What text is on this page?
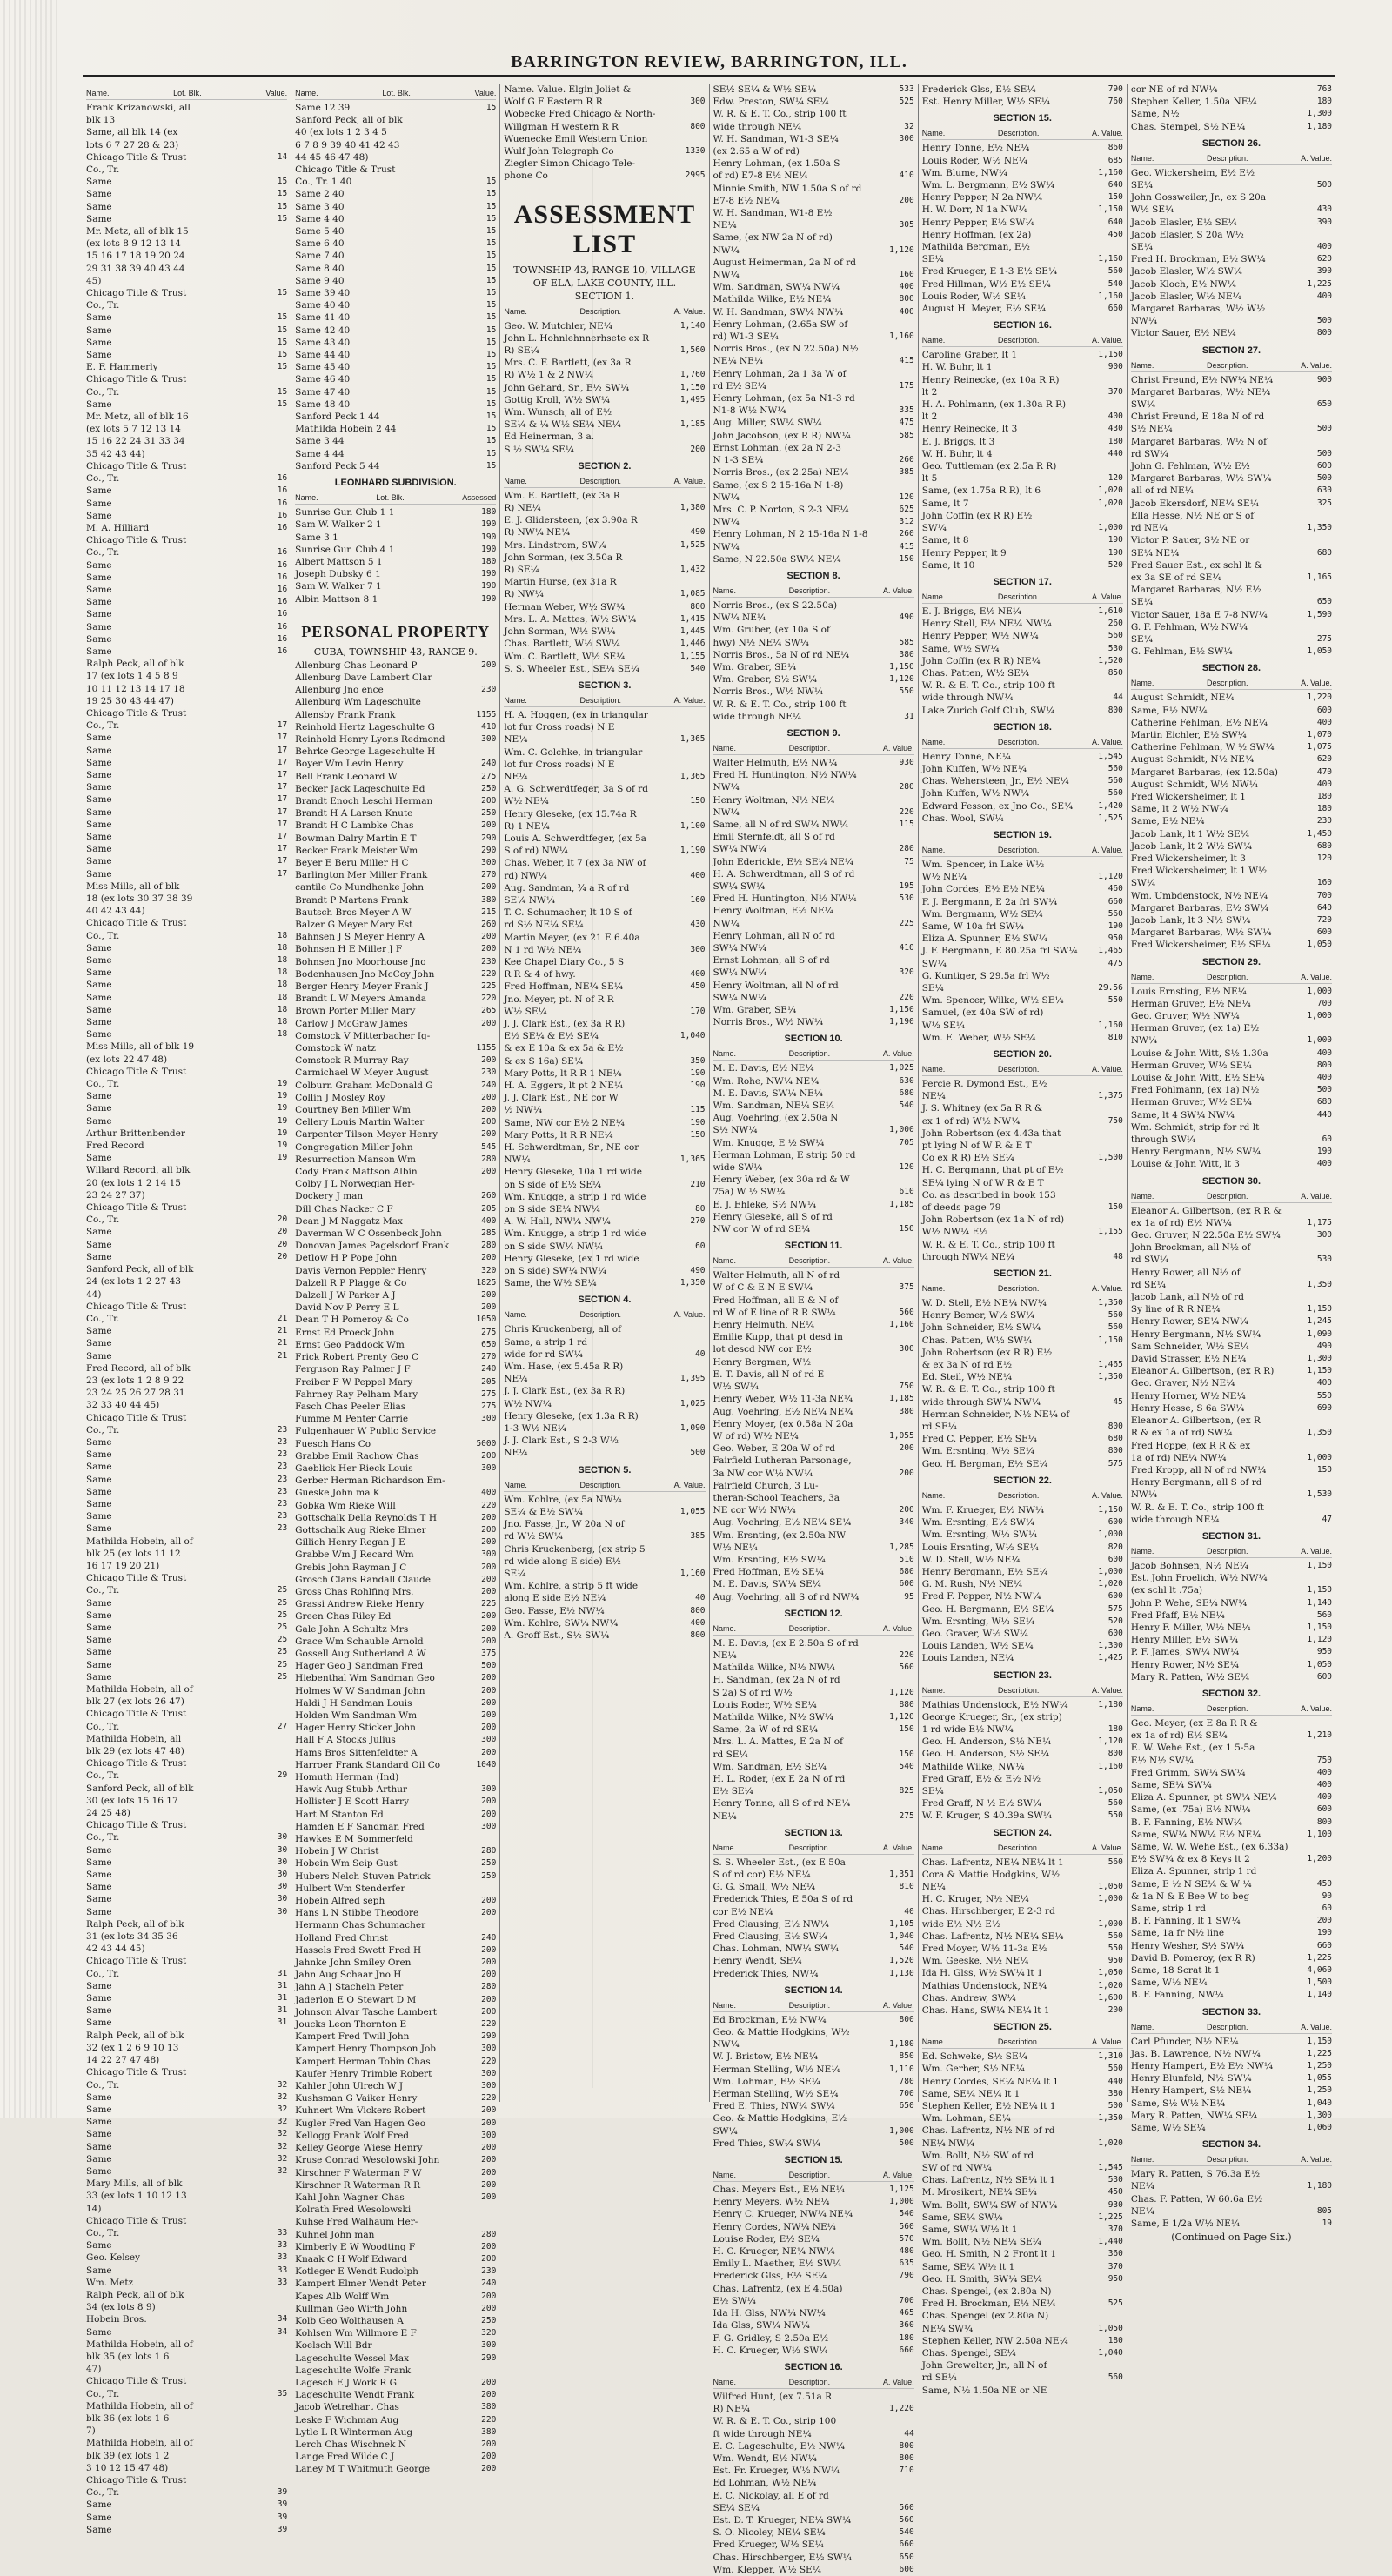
BARRINGTON REVIEW, BARRINGTON, ILL.
Name.	Lot. Blk.	Value.
Frank Krizanowski, all
blk 13
Same, all blk 14 (ex
lots 6 7 27 28 & 23)
Chicago Title & Trust	14
Co., Tr.
Same	15
Same	15
Same	15
Same	15
Mr. Metz, all of blk 15
(ex lots 8 9 12 13 14
15 16 17 18 19 20 24
29 31 38 39 40 43 44
45)
Chicago Title & Trust	15
Co., Tr.
Same	15
Same	15
Same	15
Same	15
E. F. Hammerly	15
Chicago Title & Trust
Co., Tr.	15
Same	15
Mr. Metz, all of blk 16
(ex lots 5 7 12 13 14
15 16 22 24 31 33 34
35 42 43 44)
Chicago Title & Trust
Co., Tr.	16
Same	16
Same	16
Same	16
M. A. Hilliard	16
Chicago Title & Trust
Co., Tr.	16
Same	16
Same	16
Same	16
Same	16
Same	16
Same	16
Same	16
Same	16
Ralph Peck, all of blk
17 (ex lots 1 4 5 8 9
10 11 12 13 14 17 18
19 25 30 43 44 47)
Chicago Title & Trust
Co., Tr.	17
Same	17
Same	17
Same	17
Same	17
Same	17
Same	17
Same	17
Same	17
Same	17
Same	17
Same	17
Same	17
Miss Mills, all of blk
18 (ex lots 30 37 38 39
40 42 43 44)
Chicago Title & Trust
Co., Tr.	18
Same	18
Same	18
Same	18
Same	18
Same	18
Same	18
Same	18
Same	18
Miss Mills, all of blk 19
(ex lots 22 47 48)
Chicago Title & Trust
Co., Tr.	19
Same	19
Same	19
Same	19
Arthur Brittenbender	19
Fred Record	19
Same	19
Willard Record, all blk
20 (ex lots 1 2 14 15
23 24 27 37)
Chicago Title & Trust
Co., Tr.	20
Same	20
Same	20
Same	20
Sanford Peck, all of blk
24 (ex lots 1 2 27 43
44)
Chicago Title & Trust
Co., Tr.	21
Same	21
Same	21
Same	21
Fred Record, all of blk
23 (ex lots 1 2 8 9 22
23 24 25 26 27 28 31
32 33 40 44 45)
Chicago Title & Trust
Co., Tr.	23
Same	23
Same	23
Same	23
Same	23
Same	23
Same	23
Same	23
Same	23
Mathilda Hobein, all of
blk 25 (ex lots 11 12
16 17 19 20 21)
Chicago Title & Trust
Co., Tr.	25
Same	25
Same	25
Same	25
Same	25
Same	25
Same	25
Same	25
Mathilda Hobein, all of
blk 27 (ex lots 26 47)
Chicago Title & Trust
Co., Tr.	27
Mathilda Hobein, all
blk 29 (ex lots 47 48)
Chicago Title & Trust
Co., Tr.	29
Sanford Peck, all of blk
30 (ex lots 15 16 17
24 25 48)
Chicago Title & Trust
Co., Tr.	30
Same	30
Same	30
Same	30
Same	30
Same	30
Same	30
Ralph Peck, all of blk
31 (ex lots 34 35 36
42 43 44 45)
Chicago Title & Trust
Co., Tr.	31
Same	31
Same	31
Same	31
Same	31
Ralph Peck, all of blk
32 (ex 1 2 6 9 10 13
14 22 27 47 48)
Chicago Title & Trust
Co., Tr.	32
Same	32
Same	32
Same	32
Same	32
Same	32
Same	32
Same	32
Mary Mills, all of blk
33 (ex lots 1 10 12 13
14)
Chicago Title & Trust
Co., Tr.	33
Same	33
Geo. Kelsey	33
Same	33
Wm. Metz	33
Ralph Peck, all of blk
34 (ex lots 8 9)
Hobein Bros.	34
Same	34
Mathilda Hobein, all of
blk 35 (ex lots 1 6
47)
Chicago Title & Trust
Co., Tr.	35
Mathilda Hobein, all of
blk 36 (ex lots 1 6
7)
Mathilda Hobein, all of
blk 39 (ex lots 1 2
3 10 12 15 47 48)
Chicago Title & Trust
Co., Tr.	39
Same	39
Same	39
Same	39
Name.	Lot. Blk.	Value.
Same 12 39	15
Sanford Peck, all of blk
40 (ex lots 1 2 3 4 5
6 7 8 9 39 40 41 42 43
44 45 46 47 48)
Chicago Title & Trust
Co., Tr. 1 40	15
Same 2 40	15
Same 3 40	15
Same 4 40	15
Same 5 40	15
Same 6 40	15
Same 7 40	15
Same 8 40	15
Same 9 40	15
Same 39 40	15
Same 40 40	15
Same 41 40	15
Same 42 40	15
Same 43 40	15
Same 44 40	15
Same 45 40	15
Same 46 40	15
Same 47 40	15
Same 48 40	15
Sanford Peck 1 44	15
Mathilda Hobein 2 44	15
Same 3 44	15
Same 4 44	15
Sanford Peck 5 44	15
LEONHARD SUBDIVISION.
Name.	Lot. Blk.	Assessed
Sunrise Gun Club 1 1	180
Sam W. Walker 2 1	190
Same 3 1	190
Sunrise Gun Club 4 1	190
Albert Mattson 5 1	180
Joseph Dubsky 6 1	190
Sam W. Walker 7 1	190
Albin Mattson 8 1	190
PERSONAL PROPERTY
CUBA, TOWNSHIP 43, RANGE 9.
Allenburg Chas Leonard P	200
Allenburg Dave Lambert Clar
Allenburg Jno ence	230
Allenburg Wm Lageschulte
Allensby Frank Frank	1155
Reinhold Hertz Lageschulte G	410
Reinhold Henry Lyons Redmond	300
Behrke George Lageschulte H
Boyer Wm Levin Henry	240
Bell Frank Leonard W	275
Becker Jack Lageschulte Ed	250
Brandt Enoch Leschi Herman	200
Brandt H A Larsen Knute	250
Brandt H C Lambke Chas	200
Bowman Dalry Martin E T	290
Becker Frank Meister Wm	290
Beyer E Beru Miller H C	300
Barlington Mer Miller Frank	270
cantile Co Mundhenke John	200
Brandt P Martens Frank	380
Bautsch Bros Meyer A W	215
Balzer G Meyer Mary Est	260
Bahnsen J S Meyer Henry A	200
Bohnsen H E Miller J F	200
Bohnsen Jno Moorhouse Jno	230
Bodenhausen Jno McCoy John	220
Berger Henry Meyer Frank J	225
Brandt L W Meyers Amanda	220
Brown Porter Miller Mary	265
Carlow J McGraw James	200
Comstock V Mitterbacher Ig-
Comstock W natz	1155
Comstock R Murray Ray	200
Carmichael W Meyer August	230
Colburn Graham McDonald G	240
Collin J Mosley Roy	200
Courtney Ben Miller Wm	200
Cellery Louis Martin Walter	200
Carpenter Tilson Meyer Henry	200
Congregation Miller John	545
Resurrection Manson Wm	280
Cody Frank Mattson Albin	200
Colby J L Norwegian Her-
Dockery J man	260
Dill Chas Nacker C F	205
Dean J M Naggatz Max	400
Daverman W C Ossenbeck John	285
Donovan James Pagelsdorf Frank	280
Detlow H P Pope John	200
Davis Vernon Peppler Henry	320
Dalzell R P Plagge & Co	1825
Dalzell J W Parker A J	200
David Nov P Perry E L	200
Dean T H Pomeroy & Co	1050
Ernst Ed Proeck John	275
Ernst Geo Paddock Wm	650
Frick Robert Prenty Geo C	270
Ferguson Ray Palmer J F	240
Freiber F W Peppel Mary	205
Fahrney Ray Pelham Mary	275
Fasch Chas Peeler Elias	275
Fumme M Penter Carrie	300
Fulgenhauer W Public Service
Fuesch Hans Co	5000
Grabbe Emil Rachow Chas	200
Gaeblick Her Rieck Louis	300
Gerber Herman Richardson Em-
Gueske John ma K	400
Gobka Wm Rieke Will	220
Gottschalk Della Reynolds T H	200
Gottschalk Aug Rieke Elmer	200
Gillich Henry Regan J E	200
Grabbe Wm J Recard Wm	300
Grebis John Rayman J C	200
Grosch Clans Randall Claude	200
Gross Chas Rohlfing Mrs.	200
Grassi Andrew Rieke Henry	225
Green Chas Riley Ed	200
Gale John A Schultz Mrs	200
Grace Wm Schauble Arnold	200
Gossell Aug Sutherland A W	375
Hager Geo J Sandman Fred	500
Hiebenthal Wm Sandman Geo	200
Holmes W W Sandman John	200
Haldi J H Sandman Louis	200
Holden Wm Sandman Wm	200
Hager Henry Sticker John	200
Hall F A Stocks Julius	300
Hams Bros Sittenfeldter A	200
Harroer Frank Standard Oil Co	1040
Homuth Herman (Ind)
Hawk Aug Stubb Arthur	300
Hollister J E Scott Harry	200
Hart M Stanton Ed	200
Hamden E F Sandman Fred	300
Hawkes E M Sommerfeld
Hobein J W Christ	280
Hobein Wm Seip Gust	250
Hubers Nelch Stuven Patrick	250
Hulbert Wm Stenderfer
Hobein Alfred seph	200
Hans L N Stibbe Theodore	200
Hermann Chas Schumacher
Holland Fred Christ	240
Hassels Fred Swett Fred H	200
Jahnke John Smiley Oren	200
Jahn Aug Schaar Jno H	200
Jahn A J Stacheln Peter	280
Jaderlon E O Stewart D M	200
Johnson Alvar Tasche Lambert	200
Joucks Leon Thornton E	220
Kampert Fred Twill John	290
Kampert Henry Thompson Job	300
Kampert Herman Tobin Chas	220
Kaufer Henry Trimble Robert	300
Kahler John Ulrech W J	300
Kushsman G Vaiker Henry	220
Kuhnert Wm Vickers Robert	200
Kugler Fred Van Hagen Geo	200
Kellogg Frank Wolf Fred	300
Kelley George Wiese Henry	200
Kruse Conrad Wesolowski John	200
Kirschner F Waterman F W	200
Kirschner R Waterman R R	200
Kahl John Wagner Chas	200
Kolrath Fred Wesolowski
Kuhse Fred Walhaum Her-
Kuhnel John man	280
Kimberly E W Woodting F	200
Knaak C H Wolf Edward	200
Kotleger E Wendt Rudolph	230
Kampert Elmer Wendt Peter	240
Kapes Alb Wolff Wm	200
Kullman Geo Wirth John	200
Kolb Geo Wolthausen A	250
Kohlsen Wm Willmore E F	320
Koelsch Will Bdr	300
Lageschulte Wessel Max	290
Lageschulte Wolfe Frank
Lagesch E J Work R G	200
Lageschulte Wendt Frank	200
Jacob Wetrelhart Chas	380
Leske F Wichman Aug	220
Lytle L R Winterman Aug	380
Lerch Chas Wischnek N	200
Lange Fred Wilde C J	200
Laney M T Whitmuth George	200
Name. Value. Elgin Joliet &
Wolf G F Eastern R R	300
Wobecke Fred Chicago & North-
Willgman H western R R	800
Wuenecke Emil Western Union
Wulf John Telegraph Co	1330
Ziegler Simon Chicago Tele-
phone Co	2995
ASSESSMENT LIST
TOWNSHIP 43, RANGE 10, VILLAGE
OF ELA, LAKE COUNTY, ILL.
SECTION 1.
Name.	Description.	A. Value.
Geo. W. Mutchler, NE¼	1,140
John L. Hohnlehnnerhsete ex R
R) SE¼	1,560
Mrs. C. F. Bartlett, (ex 3a R
R) W½ 1 & 2 NW¼	1,760
John Gehard, Sr., E½ SW¼	1,150
Gottig Kroll, W½ SW¼	1,495
Wm. Wunsch, all of E½
SE¼ & ¼ W½ SE¼ NE¼	1,185
Ed Heinerman, 3 a.
S ½ SW¼ SE¼	200
SECTION 2.
Name.	Description.	A. Value.
Wm. E. Bartlett, (ex 3a R
R) NE¼	1,380
E. J. Glidersteen, (ex 3.90a R
R) NW¼ NE¼	490
Mrs. Lindstrom, SW¼	1,525
John Sorman, (ex 3.50a R
R) SE¼	1,432
Martin Hurse, (ex 31a R
R) NW¼	1,085
Herman Weber, W½ SW¼	800
Mrs. L. A. Mattes, W½ SW¼	1,415
John Sorman, W½ SW¼	1,445
Chas. Bartlett, W½ SW¼	1,446
Wm. C. Bartlett, W½ SE¼	1,155
S. S. Wheeler Est., SE¼ SE¼	540
SECTION 3.
Name.	Description.	A. Value.
H. A. Hoggen, (ex in triangular
lot fur Cross roads) N E
NE¼	1,365
Wm. C. Golchke, in triangular
lot fur Cross roads) N E
NE¼	1,365
A. G. Schwerdtfeger, 3a S of rd
W½ NE¼	150
Henry Gleseke, (ex 15.74a R
R) 1 NE¼	1,100
Louis A. Schwerdtfeger, (ex 5a
S of rd) NW¼	1,190
Chas. Weber, lt 7 (ex 3a NW of
rd) NW¼	400
Aug. Sandman, ¾ a R of rd
SE¼ NW¼	160
T. C. Schumacher, lt 10 S of
rd S½ NE¼ SE¼	430
Martin Meyer, (ex 21 E 6.40a
N 1 rd W½ NE¼	300
Kee Chapel Diary Co., 5 S
R R & 4 of hwy.	400
Fred Hoffman, NE¼ SE¼	450
Jno. Meyer, pt. N of R R
W½ SE¼	170
J. J. Clark Est., (ex 3a R R)
E½ SE¼ & E½ SE¼	1,040
& ex E 10a & ex 5a & E½
& ex S 16a) SE¼	350
Mary Potts, lt R R 1 NE¼	190
H. A. Eggers, lt pt 2 NE¼	190
J. J. Clark Est., NE cor W
½ NW¼	115
Same, NW cor E½ 2 NE¼	190
Mary Potts, lt R R NE¼	150
H. Schwerdtman, Sr., NE cor
NW¼	1,365
Henry Gleseke, 10a 1 rd wide
on S side of E½ SE¼	210
Wm. Knugge, a strip 1 rd wide
on S side SE¼ NW¼	80
A. W. Hall, NW¼ NW¼	270
Wm. Knugge, a strip 1 rd wide
on S side SW¼ NW¼	60
Henry Gleseke, (ex 1 rd wide
on S side) SW¼ NW¼	490
Same, the W½ SE¼	1,350
SECTION 4.
Name.	Description.	A. Value.
Chris Kruckenberg, all of
Same, a strip 1 rd
wide for rd SW¼	40
Wm. Hase, (ex 5.45a R R)
NE¼	1,395
J. J. Clark Est., (ex 3a R R)
W½ NW¼	1,025
Henry Gleseke, (ex 1.3a R R)
1-3 W½ NE¼	1,090
J. J. Clark Est., S 2-3 W½
NE¼	500
SECTION 5.
Name.	Description.	A. Value.
Wm. Kohlre, (ex 5a NW¼
SE¼ & E½ SW¼	1,055
Jno. Fasse, Jr., W 20a N of
rd W½ SW¼	385
Chris Kruckenberg, (ex strip 5
rd wide along E side) E½
SE¼	1,160
Wm. Kohlre, a strip 5 ft wide
along E side E½ NE¼	40
Geo. Fasse, E½ NW¼	800
Wm. Kohlre, SW¼ NW¼	400
A. Groff Est., S½ SW¼	800
SE½ SE¼ & W½ SE¼	533
Edw. Preston, SW¼ SE¼	525
W. R. & E. T. Co., strip 100 ft
wide through NE¼	32
W. H. Sandman, W1-3 SE¼	300
(ex 2.65 a W of rd)
Henry Lohman, (ex 1.50a S
of rd) E7-8 E½ NE¼	410
Minnie Smith, NW 1.50a S of rd
E7-8 E½ NE¼	200
W. H. Sandman, W1-8 E½
NE¼	305
Same, (ex NW 2a N of rd)
NW¼	1,120
August Heimerman, 2a N of rd
NW¼	160
Wm. Sandman, SW¼ NW¼	400
Mathilda Wilke, E½ NE¼	800
W. H. Sandman, SW¼ NW¼	400
Henry Lohman, (2.65a SW of
rd) W1-3 SE¼	1,160
Norris Bros., (ex N 22.50a) N½
NE¼ NE¼	415
Henry Lohman, 2a 1 3a W of
rd E½ SE¼	175
Henry Lohman, (ex 5a N1-3 rd
N1-8 W½ NW¼	335
Aug. Miller, SW¼ SW¼	475
John Jacobson, (ex R R) NW¼	585
Ernst Lohman, (ex 2a N 2-3
N 1-3 SE¼	260
Norris Bros., (ex 2.25a) NE¼	385
Same, (ex S 2 15-16a N 1-8)
NW¼	120
Mrs. C. P. Norton, S 2-3 NE¼	625
NW¼	312
Henry Lohman, N 2 15-16a N 1-8	260
NW¼	415
Same, N 22.50a SW¼ NE¼	150
SECTION 8.
Name.	Description.	A. Value.
Norris Bros., (ex S 22.50a)
NW¼ NE¼	490
Wm. Gruber, (ex 10a S of
hwy) N½ NE¼ SW¼	585
Norris Bros., 5a N of rd NE¼	380
Wm. Graber, SE¼	1,150
Wm. Graber, S½ SW¼	1,120
Norris Bros., W½ NW¼	550
W. R. & E. T. Co., strip 100 ft
wide through NE¼	31
SECTION 9.
Name.	Description.	A. Value.
Walter Helmuth, E½ NW¼	930
Fred H. Huntington, N½ NW¼
NW¼	280
Henry Woltman, N½ NE¼
NW¼	220
Same, all N of rd SW¼ NW¼	115
Emil Sternfeldt, all S of rd
SW¼ NW¼	280
John Ederickle, E½ SE¼ NE¼	75
H. A. Schwerdtman, all S of rd
SW¼ SW¼	195
Fred H. Huntington, N½ NW¼	530
Henry Woltman, E½ NE¼
NW¼	225
Henry Lohman, all N of rd
SW¼ NW¼	410
Ernst Lohman, all S of rd
SW¼ NW¼	320
Henry Woltman, all N of rd
SW¼ NW¼	220
Wm. Graber, SE¼	1,150
Norris Bros., W½ NW¼	1,190
SECTION 10.
Name.	Description.	A. Value.
M. E. Davis, E½ NE¼	1,025
Wm. Rohe, NW¼ NE¼	630
M. E. Davis, SW¼ NE¼	680
Wm. Sandman, NE¼ SE¼	540
Aug. Voehring, (ex 2.50a N
S½ NW¼	1,000
Wm. Knugge, E ½ SW¼	705
Herman Lohman, E strip 50 rd
wide SW¼	120
Henry Weber, (ex 30a rd & W
75a) W ½ SW¼	610
E. J. Ehleke, S½ NW¼	1,185
Henry Gleseke, all S of rd
NW cor W of rd SE¼	150
SECTION 11.
Name.	Description.	A. Value.
Walter Helmuth, all N of rd
W of C & E N E SW¼	375
Fred Hoffman, all E & N of
rd W of E line of R R SW¼	560
Henry Helmuth, NE¼	1,160
Emilie Kupp, that pt desd in
lot descd NW cor E½	300
Henry Bergman, W½
E. T. Davis, all N of rd E
W½ SW¼	750
Henry Weber, W½ 11-3a NE¼	1,185
Aug. Voehring, E½ NE¼ NE¼	380
Henry Moyer, (ex 0.58a N 20a
W of rd) W½ NE¼	1,055
Geo. Weber, E 20a W of rd	200
Fairfield Lutheran Parsonage,
3a NW cor W½ NW¼	200
Fairfield Church, 3 Lu-
theran-School Teachers, 3a
NE cor W½ NW¼	200
Aug. Voehring, E½ NE¼ SE¼	340
Wm. Ersnting, (ex 2.50a NW
W½ NE¼	1,285
Wm. Ersnting, E½ SW¼	510
Fred Hoffman, E½ SE¼	680
M. E. Davis, SW¼ SE¼	600
Aug. Voehring, all S of rd NW¼	95
SECTION 12.
Name.	Description.	A. Value.
M. E. Davis, (ex E 2.50a S of rd
NE¼	220
Mathilda Wilke, N½ NW¼	560
H. Sandman, (ex 2a N of rd
S 2a) S of rd W½	1,120
Louis Roder, W½ SE¼	880
Mathilda Wilke, N½ SW¼	1,120
Same, 2a W of rd SE¼	150
Mrs. L. A. Mattes, E 2a N of
rd SE¼	150
Wm. Sandman, E½ SE¼	540
H. L. Roder, (ex E 2a N of rd
E½ SE¼	825
Henry Tonne, all S of rd NE¼
NE¼	275
SECTION 13.
Name.	Description.	A. Value.
S. S. Wheeler Est., (ex E 50a
S of rd cor) E½ NE¼	1,351
G. G. Small, W½ NE¼	810
Frederick Thies, E 50a S of rd
cor E½ NE¼	40
Fred Clausing, E½ NW¼	1,105
Fred Clausing, E½ SW¼	1,040
Chas. Lohman, NW¼ SW¼	540
Henry Wendt, SE¼	1,520
Frederick Thies, NW¼	1,130
SECTION 14.
Name.	Description.	A. Value.
Ed Brockman, E½ NW¼	800
Geo. & Mattie Hodgkins, W½
NW¼	1,180
W. J. Bristow, E½ NE¼	850
Herman Stelling, W½ NE¼	1,110
Wm. Lohman, E½ SE¼	780
Herman Stelling, W½ SE¼	700
Fred E. Thies, NW¼ SW¼	650
Geo. & Mattie Hodgkins, E½
SW¼	1,000
Fred Thies, SW¼ SW¼	500
SECTION 15.
Name.	Description.	A. Value.
Chas. Meyers Est., E½ NE¼	1,125
Henry Meyers, W½ NE¼	1,000
Henry C. Krueger, NW¼ NE¼	540
Henry Cordes, NW¼ NE¼	560
Louise Roder, E½ SE¼	570
H. C. Krueger, NE¼ NW¼	480
Emily L. Maether, E½ SW¼	635
Frederick Glss, E½ SE¼	790
Chas. Lafrentz, (ex E 4.50a)
E½ SW¼	700
Ida H. Glss, NW¼ NW¼	465
Ida Glss, SW¼ NW¼	360
F. G. Gridley, S 2.50a E½	180
H. C. Krueger, W½ SW¼	660
SECTION 16.
Name.	Description.	A. Value.
Wilfred Hunt, (ex 7.51a R
R) NE¼	1,220
W. R. & E. T. Co., strip 100
ft wide through NE¼	44
E. C. Lageschulte, E½ NW¼	800
Wm. Wendt, E½ NW¼	800
Est. Fr. Krueger, W½ NW¼	710
Ed Lohman, W½ NE¼
E. C. Nickolay, all E of rd
SE¼ SE¼	560
Est. D. T. Krueger, NE¼ SW¼	560
S. O. Nicoley, NE¼ SE¼	540
Fred Krueger, W½ SE¼	660
Chas. Hirschberger, E½ SW¼	650
Wm. Klepper, W½ SE¼	600
Frederick Glss, E½ SE¼	790
Est. Henry Miller, W½ SE¼	760
SECTION 15.
Name.	Description.	A. Value.
Henry Tonne, E½ NE¼	860
Louis Roder, W½ NE¼	685
Wm. Blume, NW¼	1,160
Wm. L. Bergmann, E½ SW¼	640
Henry Pepper, N 2a NW¼	150
H. W. Dorr, N 1a NW¼	1,150
Henry Pepper, E½ SW¼	640
Henry Hoffman, (ex 2a)	450
Mathilda Bergman, E½
SE¼	1,160
Fred Krueger, E 1-3 E½ SE¼	560
Fred Hillman, W½ E½ SE¼	540
Louis Roder, W½ SE¼	1,160
August H. Meyer, E½ SE¼	660
SECTION 16.
Name.	Description.	A. Value.
Caroline Graber, lt 1	1,150
H. W. Buhr, lt 1	900
Henry Reinecke, (ex 10a R R)
lt 2	370
H. A. Pohlmann, (ex 1.30a R R)
lt 2	400
Henry Reinecke, lt 3	430
E. J. Briggs, lt 3	180
W. H. Buhr, lt 4	440
Geo. Tuttleman (ex 2.5a R R)
lt 5	120
Same, (ex 1.75a R R), lt 6	1,020
Same, lt 7	1,020
John Coffin (ex R R) E½
SW¼	1,000
Same, lt 8	190
Henry Pepper, lt 9	190
Same, lt 10	520
SECTION 17.
Name.	Description.	A. Value.
E. J. Briggs, E½ NE¼	1,610
Henry Stell, E½ NE¼ NW¼	260
Henry Pepper, W½ NW¼	560
Same, W½ SW¼	530
John Coffin (ex R R) NE¼	1,520
Chas. Patten, W½ SE¼	850
W. R. & E. T. Co., strip 100 ft
wide through NW¼	44
Lake Zurich Golf Club, SW¼	800
SECTION 18.
Name.	Description.	A. Value.
Henry Tonne, NE¼	1,545
John Kuffen, W½ NE¼	560
Chas. Wehersteen, Jr., E½ NE¼	560
John Kuffen, W½ NW¼	560
Edward Fesson, ex Jno Co., SE¼	1,420
Chas. Wool, SW¼	1,525
SECTION 19.
Name.	Description.	A. Value.
Wm. Spencer, in Lake W½
W½ NE¼	1,120
John Cordes, E½ E½ NE¼	460
F. J. Bergmann, E 2a frl SW¼	660
Wm. Bergmann, W½ SE¼	560
Same, W 10a frl SW¼	190
Eliza A. Spunner, E½ SW¼	950
J. F. Bergmann, E 80.25a frl SW¼	1,465
SW¼	475
G. Kuntiger, S 29.5a frl W½
SE¼	29.56
Wm. Spencer, Wilke, W½ SE¼	550
Samuel, (ex 40a SW of rd)
W½ SE¼	1,160
Wm. E. Weber, W½ SE¼	810
SECTION 20.
Name.	Description.	A. Value.
Percie R. Dymond Est., E½
NE¼	1,375
J. S. Whitney (ex 5a R R &
ex 1 of rd) W½ NW¼	750
John Robertson (ex 4.43a that
pt lying N of W R & E T
Co ex R R) E½ SE¼	1,500
H. C. Bergmann, that pt of E½
SE¼ lying N of W R & E T
Co. as described in book 153
of deeds page 79	150
John Robertson (ex 1a N of rd)
W½ NW¼ E½	1,155
W. R. & E. T. Co., strip 100 ft
through NW¼ NE¼	48
SECTION 21.
Name.	Description.	A. Value.
W. D. Stell, E½ NE¼ NW¼	1,350
Henry Bemer, W½ SW¼	560
John Schneider, E½ SW¼	560
Chas. Patten, W½ SW¼	1,150
John Robertson (ex R R) E½
& ex 3a N of rd E½	1,465
Ed. Steil, W½ NE¼	1,350
W. R. & E. T. Co., strip 100 ft
wide through SW¼ NW¼	45
Herman Schneider, N½ NE¼ of
rd SE¼	800
Fred C. Pepper, E½ SE¼	680
Wm. Ersnting, W½ SE¼	800
Geo. H. Bergman, E½ SE¼	575
SECTION 22.
Name.	Description.	A. Value.
Wm. F. Krueger, E½ NW¼	1,150
Wm. Ersnting, E½ SW¼	600
Wm. Ersnting, W½ SW¼	1,000
Louis Ersnting, W½ SE¼	820
W. D. Stell, W½ NE¼	600
Henry Bergmann, E½ SE¼	1,000
G. M. Rush, N½ NE¼	1,020
Fred F. Pepper, N½ NW¼	600
Geo. H. Bergmann, E½ SE¼	575
Wm. Ersnting, W½ SE¼	520
Geo. Graver, W½ SW¼	600
Louis Landen, W½ SE¼	1,300
Louis Landen, NE¼	1,425
SECTION 23.
Name.	Description.	A. Value.
Mathias Undenstock, E½ NW¼	1,180
George Krueger, Sr., (ex strip)
1 rd wide E½ NW¼	180
Geo. H. Anderson, S½ NE¼	1,120
Geo. H. Anderson, S½ SE¼	800
Mathilde Wilke, NW¼	1,160
Fred Graff, E½ & E½ N½
SE¼	1,050
Fred Graff, N ½ E½ SW¼	560
W. F. Kruger, S 40.39a SW¼	550
SECTION 24.
Name.	Description.	A. Value.
Chas. Lafrentz, NE¼ NE¼ lt 1	560
Cora & Mattie Hodgkins, W½
NE¼	1,050
H. C. Kruger, N½ NE¼	1,000
Chas. Hirschberger, E 2-3 rd
wide E½ N½ E½	1,000
Chas. Lafrentz, N½ NE¼ SE¼	560
Fred Moyer, W½ 11-3a E½	550
Wm. Geeske, N½ NE¼	950
Ida H. Glss, W½ SW¼ lt 1	1,050
Mathias Undenstock, NE¼	1,020
Chas. Andrew, SW¼	1,600
Chas. Hans, SW¼ NE¼ lt 1	200
SECTION 25.
Name.	Description.	A. Value.
Ed. Schweke, S½ SE¼	1,310
Wm. Gerber, S½ NE¼	560
Henry Cordes, SE¼ NE¼ lt 1	440
Same, SE¼ NE¼ lt 1	380
Stephen Keller, E½ NE¼ lt 1	500
Wm. Lohman, SE¼	1,350
Chas. Lafrentz, N½ NE of rd
NE¼ NW¼	1,020
Wm. Bollt, N½ SW of rd
SW of rd NW¼	1,545
Chas. Lafrentz, N½ SE¼ lt 1	530
M. Mrosikert, NE¼ SE¼	450
Wm. Bollt, SW¼ SW of NW¼	930
Same, SE¼ SW¼	1,225
Same, SW¼ W½ lt 1	370
Wm. Bollt, N½ NE¼ SE¼	1,440
Geo. H. Smith, N 2 Front lt 1	360
Same, SE¼ W½ lt 1	370
Geo. H. Smith, SW¼ SE¼	950
Chas. Spengel, (ex 2.80a N)
Fred H. Brockman, E½ NE¼	525
Chas. Spengel (ex 2.80a N)
NE¼ SW¼	1,050
Stephen Keller, NW 2.50a NE¼	180
Chas. Spengel, SE¼	1,040
John Grewelter, Jr., all N of
rd SE¼	560
Same, N½ 1.50a NE or NE
cor NE of rd NW¼	763
Stephen Keller, 1.50a NE¼	180
Same, N½	1,300
Chas. Stempel, S½ NE¼	1,180
SECTION 26.
Name.	Description.	A. Value.
Geo. Wickersheim, E½ E½
SE¼	500
John Gossweiler, Jr., ex S 20a
W½ SE¼	430
Jacob Elasler, E½ SE¼	390
Jacob Elasler, S 20a W½
SE¼	400
Fred H. Brockman, E½ SW¼	620
Jacob Elasler, W½ SW¼	390
Jacob Kloch, E½ NW¼	1,225
Jacob Elasler, W½ NE¼	400
Margaret Barbaras, W½ W½
NW¼	500
Victor Sauer, E½ NE¼	800
SECTION 27.
Name.	Description.	A. Value.
Christ Freund, E½ NW¼ NE¼	900
Margaret Barbaras, W½ NE¼
SW¼	650
Christ Freund, E 18a N of rd
S½ NE¼	500
Margaret Barbaras, W½ N of
rd SW¼	500
John G. Fehlman, W½ E½	600
Margaret Barbaras, W½ SW¼	500
all of rd NE¼	630
Jacob Ekersdorf, NE¼ SE¼	325
Ella Hesse, N½ NE or S of
rd NE¼	1,350
Victor P. Sauer, S½ NE or
SE¼ NE¼	680
Fred Sauer Est., ex schl lt &
ex 3a SE of rd SE¼	1,165
Margaret Barbaras, N½ E½
SE¼	650
Victor Sauer, 18a E 7-8 NW¼	1,590
G. F. Fehlman, W½ NW¼
SE¼	275
G. Fehlman, E½ SW¼	1,050
SECTION 28.
Name.	Description.	A. Value.
August Schmidt, NE¼	1,220
Same, E½ NW¼	600
Catherine Fehlman, E½ NE¼	400
Martin Eichler, E½ SW¼	1,070
Catherine Fehlman, W ½ SW¼	1,075
August Schmidt, N½ NE¼	620
Margaret Barbaras, (ex 12.50a)	470
August Schmidt, W½ NW¼	400
Fred Wickersheimer, lt 1	180
Same, lt 2 W½ NW¼	180
Same, E½ NE¼	230
Jacob Lank, lt 1 W½ SE¼	1,450
Jacob Lank, lt 2 W½ SW¼	680
Fred Wickersheimer, lt 3	120
Fred Wickersheimer, lt 1 W½
SW¼	160
Wm. Umbdenstock, N½ NE¼	700
Margaret Barbaras, E½ SW¼	640
Jacob Lank, lt 3 N½ SW¼	720
Margaret Barbaras, W½ SW¼	600
Fred Wickersheimer, E½ SE¼	1,050
SECTION 29.
Name.	Description.	A. Value.
Louis Ernsting, E½ NE¼	1,000
Herman Gruver, E½ NE¼	700
Geo. Gruver, W½ NW¼	1,000
Herman Gruver, (ex 1a) E½
NW¼	1,000
Louise & John Witt, S½ 1.30a	400
Herman Gruver, W½ SE¼	800
Louise & John Witt, E½ SE¼	400
Fred Pohlmann, (ex 1a) N½	500
Herman Gruver, W½ SE¼	680
Same, lt 4 SW¼ NW¼	440
Wm. Schmidt, strip for rd lt
through SW¼	60
Henry Bergmann, N½ SW¼	190
Louise & John Witt, lt 3	400
SECTION 30.
Name.	Description.	A. Value.
Eleanor A. Gilbertson, (ex R R &
ex 1a of rd) E½ NW¼	1,175
Geo. Gruver, N 22.50a E½ SW¼	300
John Brockman, all N½ of
rd SW¼	530
Henry Rower, all N½ of
rd SE¼	1,350
Jacob Lank, all N½ of rd
Sy line of R R NE¼	1,150
Henry Rower, SE¼ NW¼	1,245
Henry Bergmann, N½ SW¼	1,090
Sam Schneider, W½ SE¼	490
David Strasser, E½ NE¼	1,300
Eleanor A. Gilbertson, (ex R R)	1,150
Geo. Graver, N½ NE¼	400
Henry Horner, W½ NE¼	550
Henry Hesse, S 6a SW¼	690
Eleanor A. Gilbertson, (ex R
R & ex 1a of rd) SW¼	1,350
Fred Hoppe, (ex R R & ex
1a of rd) NE¼ NW¼	1,000
Fred Kropp, all N of rd NW¼	150
Henry Bergmann, all S of rd
NW¼	1,530
W. R. & E. T. Co., strip 100 ft
wide through NE¼	47
SECTION 31.
Name.	Description.	A. Value.
Jacob Bohnsen, N½ NE¼	1,150
Est. John Froelich, W½ NW¼
(ex schl lt .75a)	1,150
John P. Wehe, SE¼ NW¼	1,140
Fred Pfaff, E½ NE¼	560
Henry F. Miller, W½ NE¼	1,150
Henry Miller, E½ SW¼	1,120
P. F. James, SW¼ NW¼	950
Henry Rower, N½ SE¼	1,050
Mary R. Patten, W½ SE¼	600
SECTION 32.
Name.	Description.	A. Value.
Geo. Meyer, (ex E 8a R R &
ex 1a of rd) E½ SE¼	1,210
E. W. Wehe Est., (ex 1 5-5a
E½ N½ SW¼	750
Fred Grimm, SW¼ SW¼	400
Same, SE¼ SW¼	400
Eliza A. Spunner, pt SW¼ NE¼	400
Same, (ex .75a) E½ NW¼	600
B. F. Fanning, E½ NW¼	800
Same, SW¼ NW¼ E½ NE¼	1,100
Same, W. W. Wehe Est., (ex 6.33a)
E½ SW¼ & ex 8 Keys lt 2	1,200
Eliza A. Spunner, strip 1 rd
Same, E ½ N SE¼ & W ¼	450
& 1a N & E Bee W to beg	90
Same, strip 1 rd	60
B. F. Fanning, lt 1 SW¼	200
Same, 1a fr N½ line	190
Henry Wesher, S½ SW¼	660
David B. Pomeroy, (ex R R)	1,225
Same, 18 Scrat lt 1	4,060
Same, W½ NE¼	1,500
B. F. Fanning, NW¼	1,140
SECTION 33.
Name.	Description.	A. Value.
Carl Pfunder, N½ NE¼	1,150
Jas. B. Lawrence, N½ NW¼	1,225
Henry Hampert, E½ E½ NW¼	1,250
Henry Blunfeld, N½ SW¼	1,055
Henry Hampert, S½ NE¼	1,250
Same, S½ W½ NE¼	1,040
Mary R. Patten, NW¼ SE¼	1,300
Same, W½ SE¼	1,060
SECTION 34.
Name.	Description.	A. Value.
Mary R. Patten, S 76.3a E½
NE¼	1,180
Chas. F. Patten, W 60.6a E½
NE¼	805
Same, E 1/2a W½ NE¼	19
(Continued on Page Six.)
